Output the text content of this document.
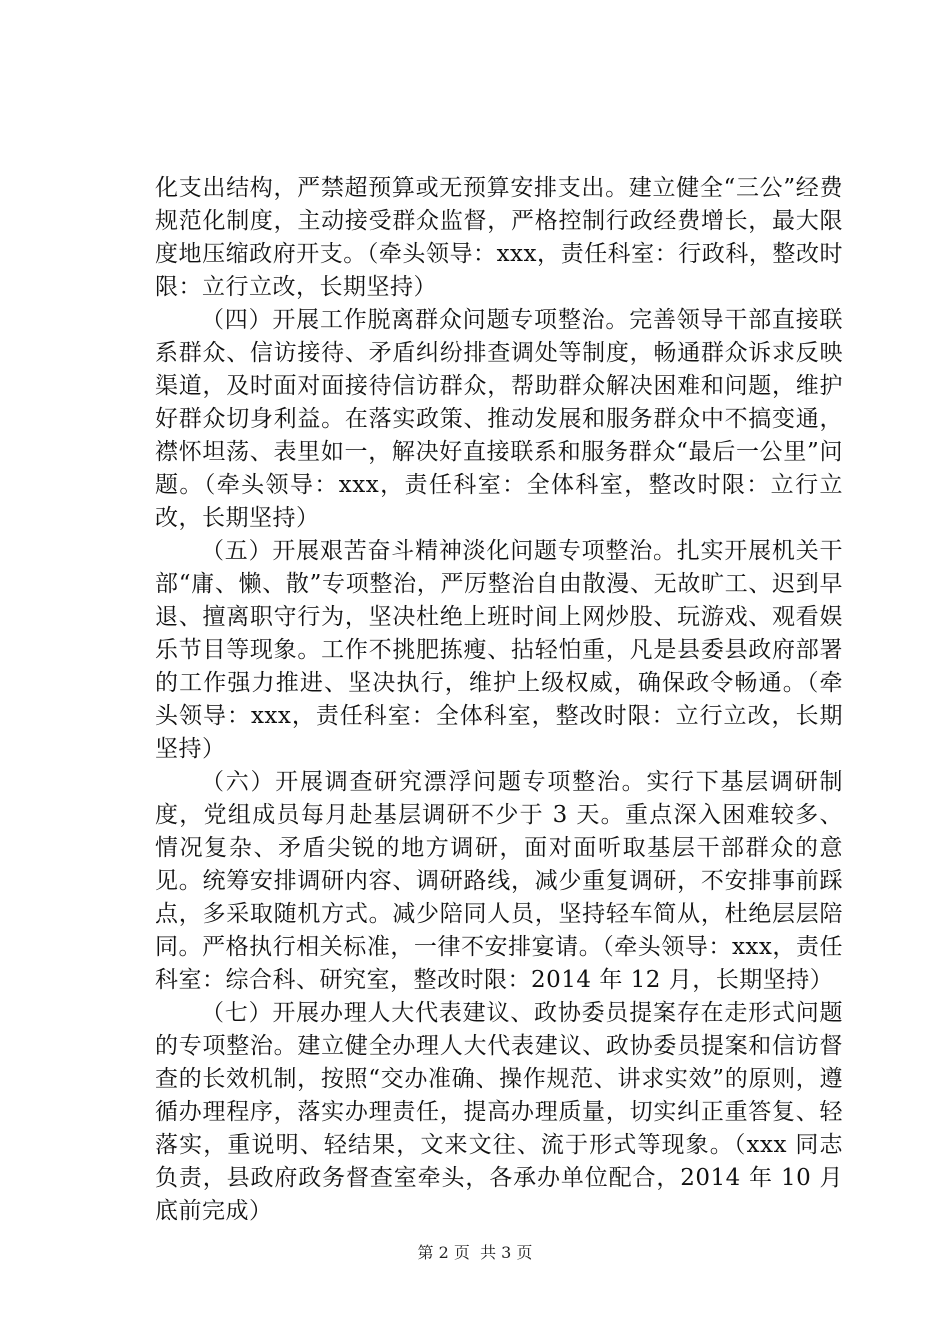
化支出结构，严禁超预算或无预算安排支出。建立健全“三公”经费规范化制度，主动接受群众监督，严格控制行政经费增长，最大限度地压缩政府开支。（牵头领导：xxx，责任科室：行政科，整改时限：立行立改，长期坚持）

（四）开展工作脱离群众问题专项整治。完善领导干部直接联系群众、信访接待、矛盾纠纷排查调处等制度，畅通群众诉求反映渠道，及时面对面接待信访群众，帮助群众解决困难和问题，维护好群众切身利益。在落实政策、推动发展和服务群众中不搞变通，襟怀坦荡、表里如一，解决好直接联系和服务群众“最后一公里”问题。（牵头领导：xxx，责任科室：全体科室，整改时限：立行立改，长期坚持）

（五）开展艰苦奋斗精神淡化问题专项整治。扎实开展机关干部“庸、懒、散”专项整治，严厉整治自由散漫、无故旷工、迟到早退、擅离职守行为，坚决杜绝上班时间上网炒股、玩游戏、观看娱乐节目等现象。工作不挑肥拣瘦、拈轻怕重，凡是县委县政府部署的工作强力推进、坚决执行，维护上级权威，确保政令畅通。（牵头领导：xxx，责任科室：全体科室，整改时限：立行立改，长期坚持）

（六）开展调查研究漂浮问题专项整治。实行下基层调研制度，党组成员每月赴基层调研不少于 3 天。重点深入困难较多、情况复杂、矛盾尖锐的地方调研，面对面听取基层干部群众的意见。统筹安排调研内容、调研路线，减少重复调研，不安排事前踩点，多采取随机方式。减少陪同人员，坚持轻车简从，杜绝层层陪同。严格执行相关标准，一律不安排宴请。（牵头领导：xxx，责任科室：综合科、研究室，整改时限：2014 年 12 月，长期坚持）

（七）开展办理人大代表建议、政协委员提案存在走形式问题的专项整治。建立健全办理人大代表建议、政协委员提案和信访督查的长效机制，按照“交办准确、操作规范、讲求实效”的原则，遵循办理程序，落实办理责任，提高办理质量，切实纠正重答复、轻落实，重说明、轻结果，文来文往、流于形式等现象。（xxx 同志负责，县政府政务督查室牵头，各承办单位配合，2014 年 10 月底前完成）

第 2 页 共 3 页
